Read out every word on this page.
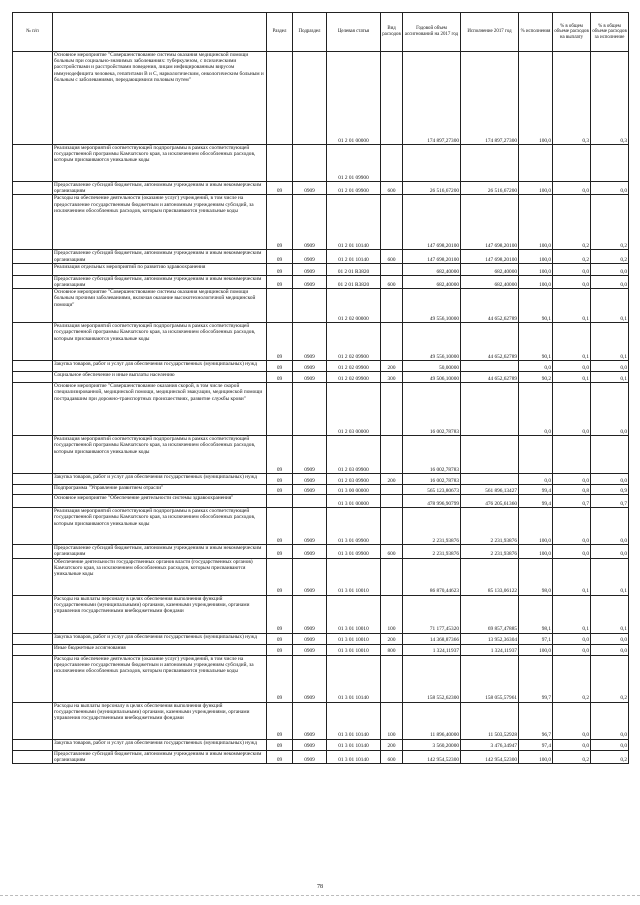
№ п/п		Раздел	Подраздел	Целевая статья	Вид расходов	Годовой объем ассигнований на 2017 год	Исполнение 2017 год	% исполнения	% в общем объеме расходов на выплату	% в общем объеме расходов за исполнение
	Основное мероприятие "Совершенствование системы оказания медицинской помощи больным при социально-значимых заболеваниях: туберкулезом, с психическими расстройствами и расстройствами поведения, лицам инфицированным вирусом иммунодефицита человека, гепатитами В и С, наркологическим, онкологическим больным и больным с заболеваниями, передающимися половым путем"			01 2 01 00000		174 897,27300	174 897,27300	100,0	0,3	0,3
	Реализация мероприятий соответствующей подпрограммы в рамках соответствующей государственной программы Камчатского края, за исключением обособленных расходов, которым присваиваются уникальные коды			01 2 01 09900						
	Предоставление субсидий бюджетным, автономным учреждениям и иным некоммерческим организациям	09	0909	01 2 01 09900	600	26 516,67200	26 516,67200	100,0	0,0	0,0
	Расходы на обеспечение деятельности (оказание услуг) учреждений, в том числе на предоставление государственным бюджетным и автономным учреждениям субсидий, за исключением обособленных расходов, которым присваиваются уникальные коды	09	0909	01 2 01 10140		147 698,20100	147 698,20100	100,0	0,2	0,2
	Предоставление субсидий бюджетным, автономным учреждениям и иным некоммерческим организациям	09	0909	01 2 01 10140	600	147 698,20100	147 698,20100	100,0	0,2	0,2
	Реализация отдельных мероприятий по развитию здравоохранения	09	0909	01 2 01 R3820		682,40000	682,40000	100,0	0,0	0,0
	Предоставление субсидий бюджетным, автономным учреждениям и иным некоммерческим организациям	09	0909	01 2 01 R3820	600	682,40000	682,40000	100,0	0,0	0,0
	Основное мероприятие "Совершенствование системы оказания медицинской помощи больным прочими заболеваниями, включая оказание высокотехнологичной медицинской помощи"			01 2 02 00000		49 556,10000	44 652,62789	90,1	0,1	0,1
	Реализация мероприятий соответствующей подпрограммы в рамках соответствующей государственной программы Камчатского края, за исключением обособленных расходов, которым присваиваются уникальные коды	09	0909	01 2 02 09900		49 556,10000	44 652,62789	90,1	0,1	0,1
	Закупка товаров, работ и услуг для обеспечения государственных (муниципальных) нужд	09	0909	01 2 02 09900	200	50,00000		0,0	0,0	0,0
	Социальное обеспечение и иные выплаты населению	09	0909	01 2 02 09900	300	49 506,10000	44 652,62789	90,2	0,1	0,1
	Основное мероприятие "Совершенствование оказания скорой, в том числе скорой специализированной, медицинской помощи, медицинской эвакуации, медицинской помощи пострадавшим при дорожно-транспортных происшествиях, развитие службы крови"			01 2 03 00000		16 002,78783		0,0	0,0	0,0
	Реализация мероприятий соответствующей подпрограммы в рамках соответствующей государственной программы Камчатского края, за исключением обособленных расходов, которым присваиваются уникальные коды	09	0909	01 2 03 09900		16 002,78783				
	Закупка товаров, работ и услуг для обеспечения государственных (муниципальных) нужд	09	0909	01 2 03 09900	200	16 002,78783		0,0	0,0	0,0
	Подпрограмма "Управление развитием отрасли"	09	0909	01 3 00 00000		565 123,80673	561 896,13427	99,4	0,8	0,9
	Основное мероприятие "Обеспечение деятельности системы здравоохранения"			01 3 01 00000		478 996,90799	476 205,61360	99,4	0,7	0,7
	Реализация мероприятий соответствующей подпрограммы в рамках соответствующей государственной программы Камчатского края, за исключением обособленных расходов, которым присваиваются уникальные коды	09	0909	01 3 01 09900		2 231,93876	2 231,93876	100,0	0,0	0,0
	Предоставление субсидий бюджетным, автономным учреждениям и иным некоммерческим организациям	09	0909	01 3 01 09900	600	2 231,93876	2 231,93876	100,0	0,0	0,0
	Обеспечение деятельности государственных органов власти (государственных органов) Камчатского края, за исключением обособленных расходов, которым присваиваются уникальные коды	09	0909	01 3 01 10010		86 870,44623	85 133,06122	98,0	0,1	0,1
	Расходы на выплаты персоналу в целях обеспечения выполнения функций государственными (муниципальными) органами, казенными учреждениями, органами управления государственными внебюджетными фондами	09	0909	01 3 01 10010	100	71 177,45320	69 857,47885	98,1	0,1	0,1
	Закупка товаров, работ и услуг для обеспечения государственных (муниципальных) нужд	09	0909	01 3 01 10010	200	14 368,87366	13 952,36304	97,1	0,0	0,0
	Иные бюджетные ассигнования	09	0909	01 3 01 10010	800	1 324,11937	1 324,11937	100,0	0,0	0,0
	Расходы на обеспечение деятельности (оказание услуг) учреждений, в том числе на предоставление государственным бюджетным и автономным учреждениям субсидий, за исключением обособленных расходов, которым присваиваются уникальные коды	09	0909	01 3 01 10140		158 552,62300	158 055,57961	99,7	0,2	0,2
	Расходы на выплаты персоналу в целях обеспечения выполнения функций государственными (муниципальными) органами, казенными учреждениями, органами управления государственными внебюджетными фондами	09	0909	01 3 01 10140	100	11 896,40000	11 503,52928	96,7	0,0	0,0
	Закупка товаров, работ и услуг для обеспечения государственных (муниципальных) нужд	09	0909	01 3 01 10140	200	3 560,20000	3 476,34947	97,4	0,0	0,0
	Предоставление субсидий бюджетным, автономным учреждениям и иным некоммерческим организациям	09	0909	01 3 01 10140	600	142 954,52300	142 954,52300	100,0	0,2	0,2
78
